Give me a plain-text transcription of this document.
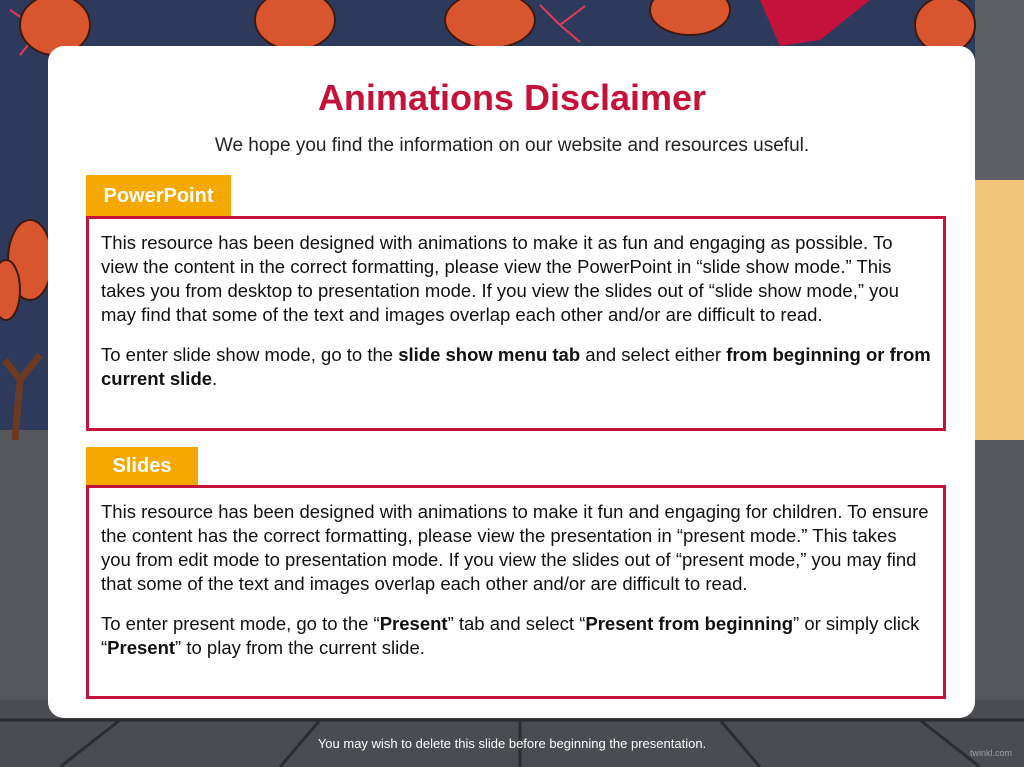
Animations Disclaimer
We hope you find the information on our website and resources useful.
PowerPoint

This resource has been designed with animations to make it as fun and engaging as possible. To view the content in the correct formatting, please view the PowerPoint in “slide show mode.” This takes you from desktop to presentation mode. If you view the slides out of “slide show mode,” you may find that some of the text and images overlap each other and/or are difficult to read.

To enter slide show mode, go to the slide show menu tab and select either from beginning or from current slide.

Slides

This resource has been designed with animations to make it fun and engaging for children. To ensure the content has the correct formatting, please view the presentation in “present mode.” This takes you from edit mode to presentation mode. If you view the slides out of “present mode,” you may find that some of the text and images overlap each other and/or are difficult to read.

To enter present mode, go to the “Present” tab and select “Present from beginning” or simply click “Present” to play from the current slide.

You may wish to delete this slide before beginning the presentation.
twinkl.com
